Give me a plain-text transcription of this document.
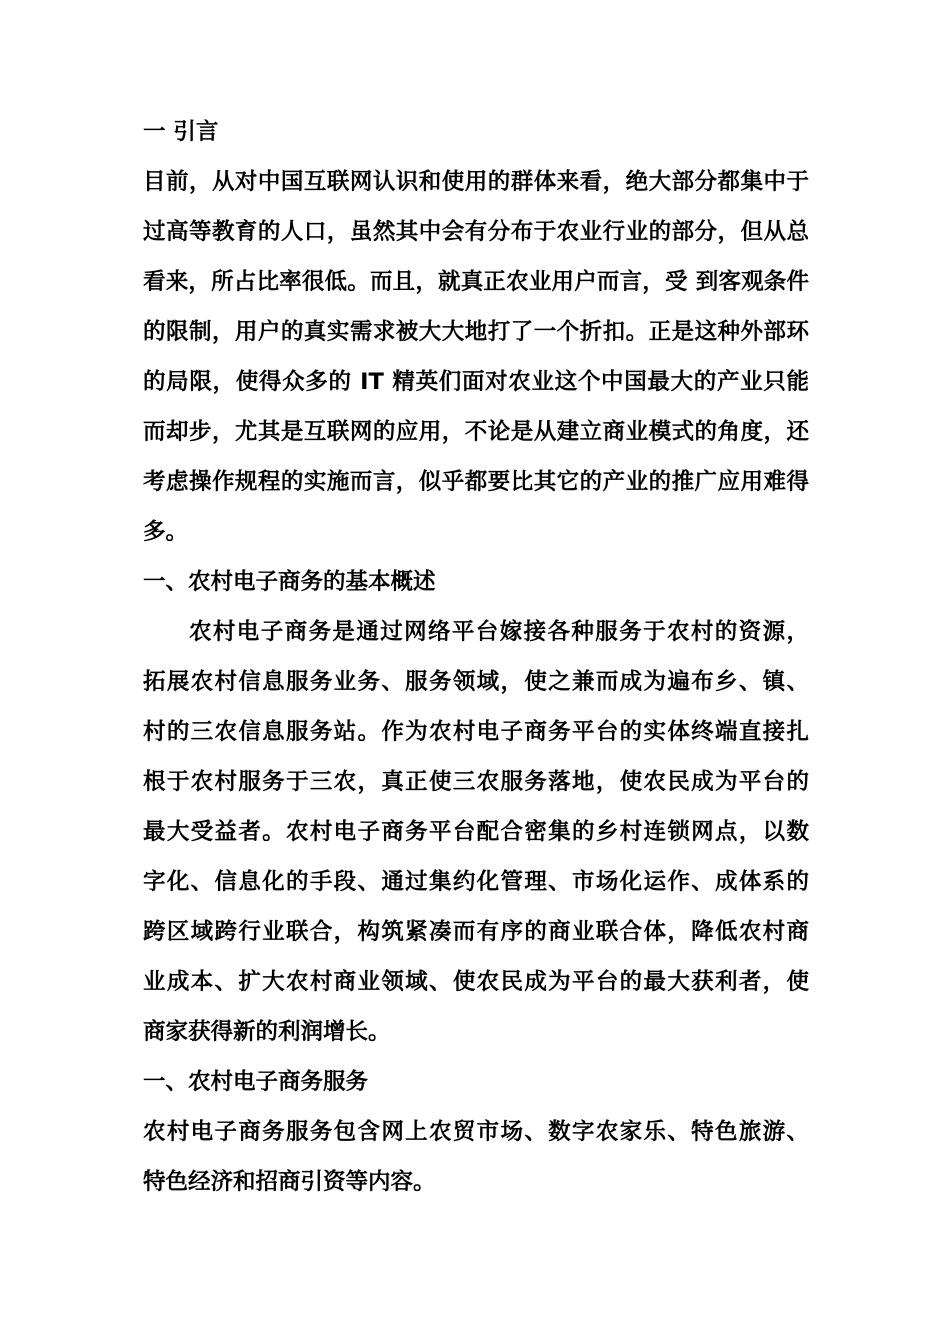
一 引言
目前，从对中国互联网认识和使用的群体来看，绝大部分都集中于
过高等教育的人口，虽然其中会有分布于农业行业的部分，但从总
看来，所占比率很低。而且，就真正农业用户而言，受 到客观条件
的限制，用户的真实需求被大大地打了一个折扣。正是这种外部环
的局限，使得众多的 IT 精英们面对农业这个中国最大的产业只能
而却步，尤其是互联网的应用，不论是从建立商业模式的角度，还
考虑操作规程的实施而言，似乎都要比其它的产业的推广应用难得
多。
一、农村电子商务的基本概述
农村电子商务是通过网络平台嫁接各种服务于农村的资源，
拓展农村信息服务业务、服务领域，使之兼而成为遍布乡、镇、
村的三农信息服务站。作为农村电子商务平台的实体终端直接扎
根于农村服务于三农，真正使三农服务落地，使农民成为平台的
最大受益者。农村电子商务平台配合密集的乡村连锁网点，以数
字化、信息化的手段、通过集约化管理、市场化运作、成体系的
跨区域跨行业联合，构筑紧凑而有序的商业联合体，降低农村商
业成本、扩大农村商业领域、使农民成为平台的最大获利者，使
商家获得新的利润增长。
一、农村电子商务服务
农村电子商务服务包含网上农贸市场、数字农家乐、特色旅游、
特色经济和招商引资等内容。
